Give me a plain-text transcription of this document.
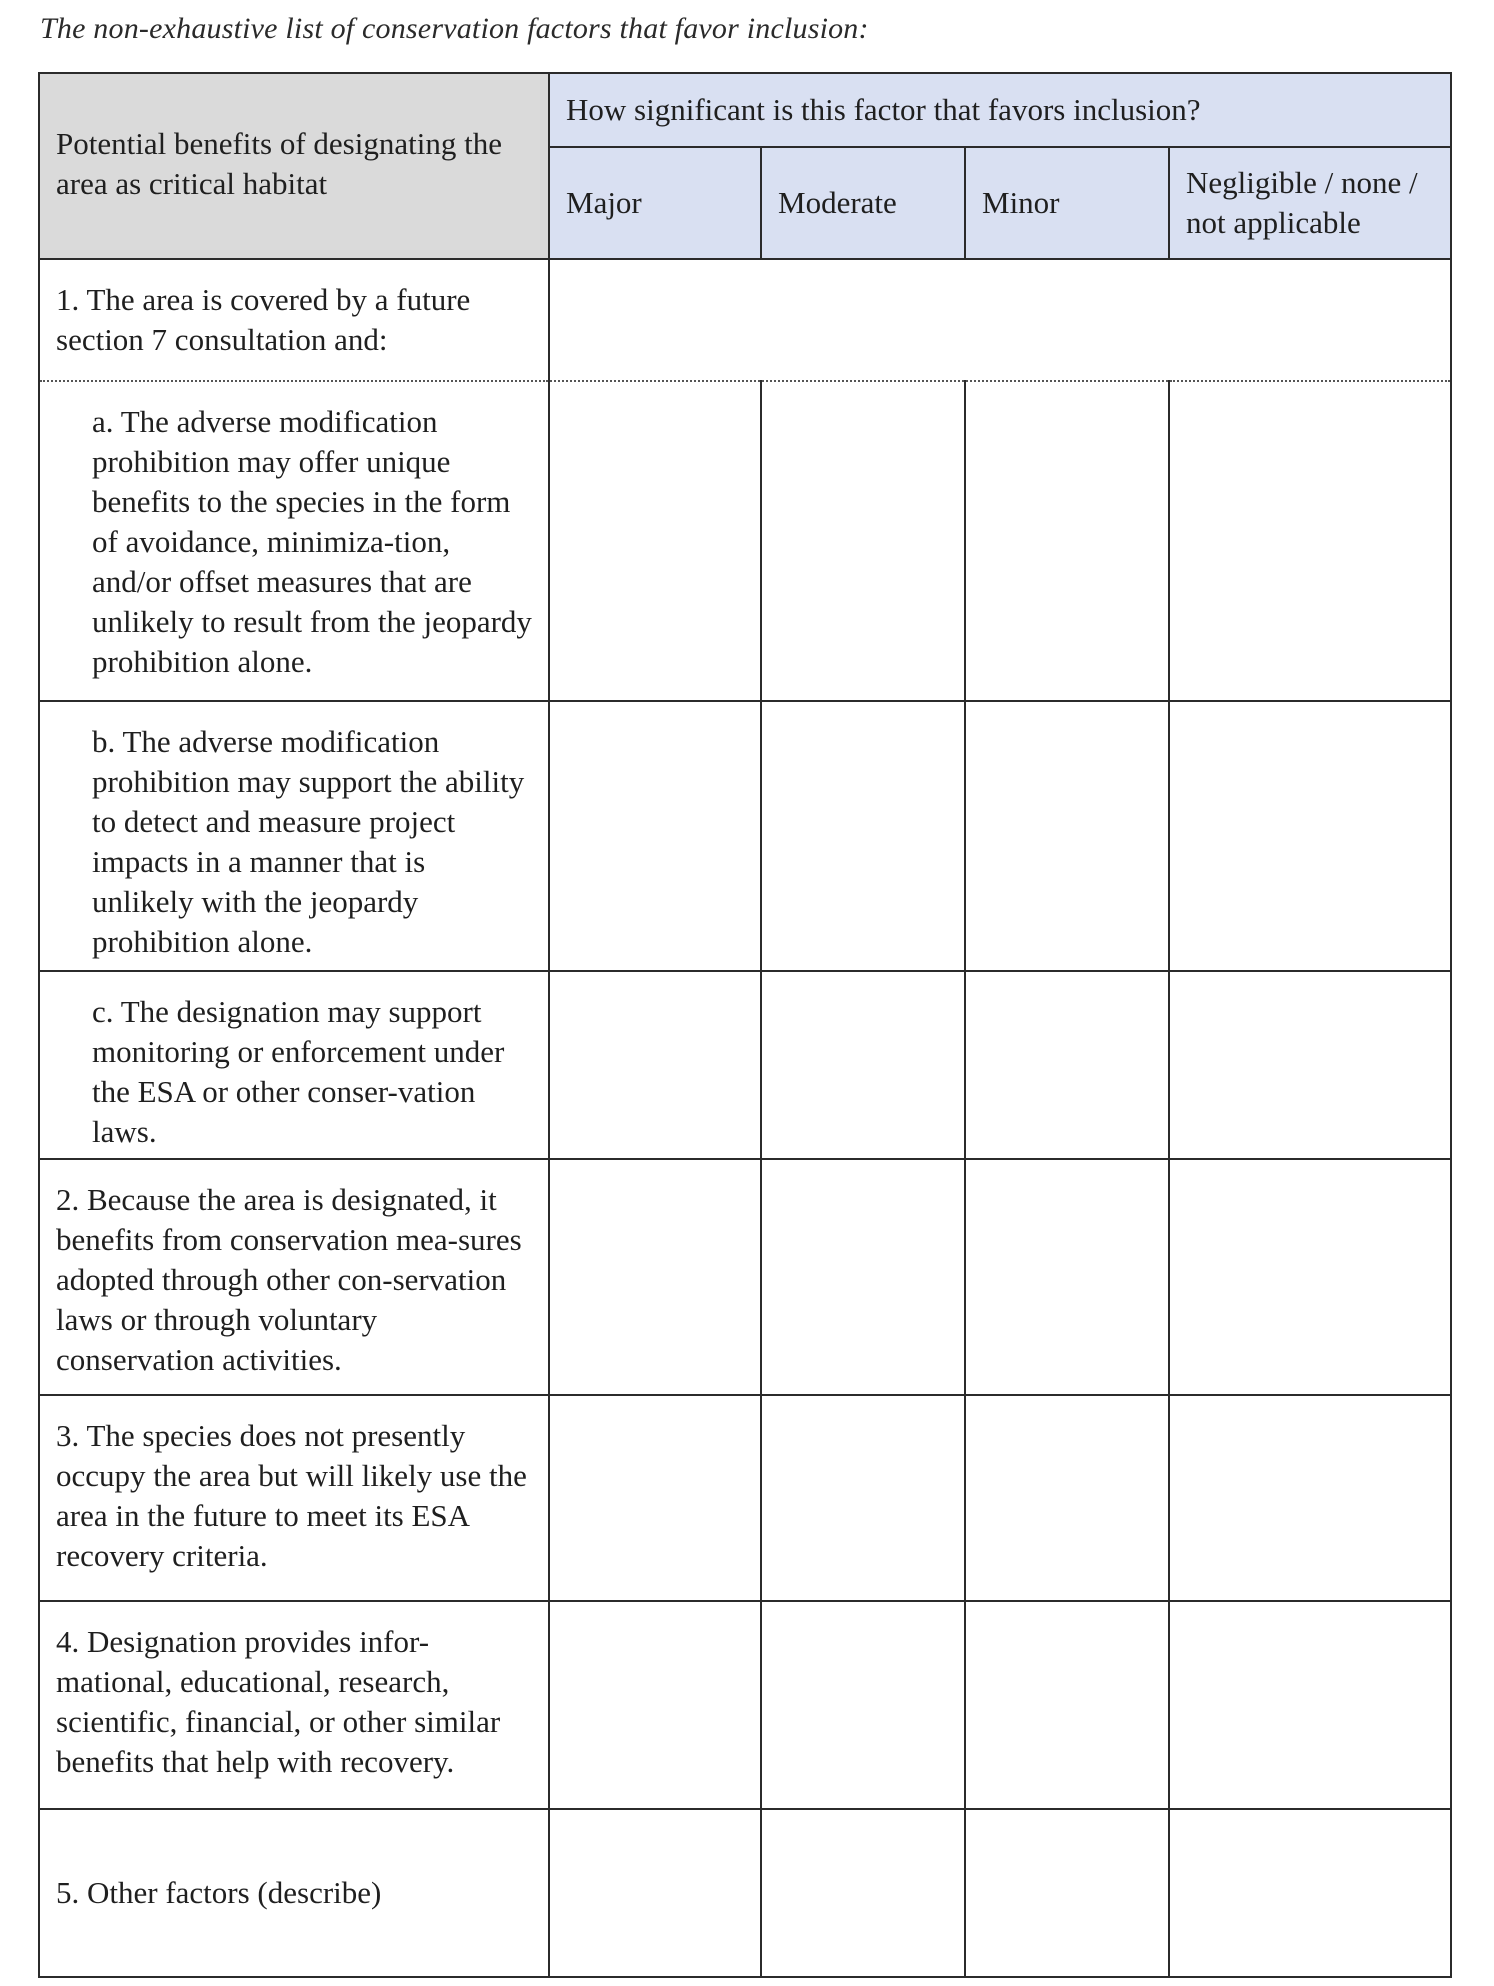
The non-exhaustive list of conservation factors that favor inclusion:
Potential benefits of designating the area as critical habitat	How significant is this factor that favors inclusion?			
	Major	Moderate	Minor	Negligible / none / not applicable
1. The area is covered by a future section 7 consultation and:				
a. The adverse modification prohibition may offer unique benefits to the species in the form of avoidance, minimiza-tion, and/or offset measures that are unlikely to result from the jeopardy prohibition alone.				
b. The adverse modification prohibition may support the ability to detect and measure project impacts in a manner that is unlikely with the jeopardy prohibition alone.				
c. The designation may support monitoring or enforcement under the ESA or other conser-vation laws.				
2. Because the area is designated, it benefits from conservation mea-sures adopted through other con-servation laws or through voluntary conservation activities.				
3. The species does not presently occupy the area but will likely use the area in the future to meet its ESA recovery criteria.				
4. Designation provides infor-mational, educational, research, scientific, financial, or other similar benefits that help with recovery.				
5. Other factors (describe)				
